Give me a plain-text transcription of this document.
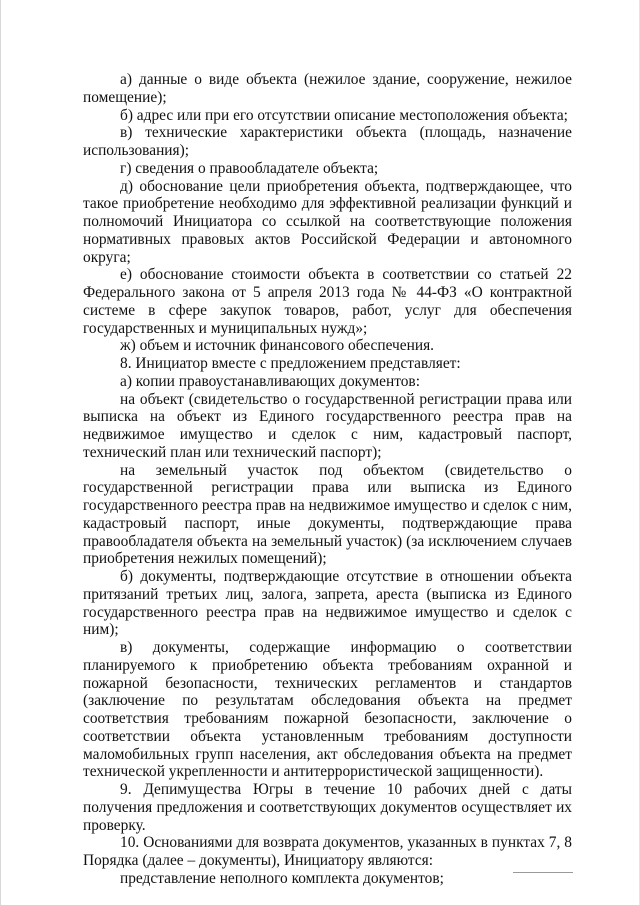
а) данные о виде объекта (нежилое здание, сооружение, нежилое помещение);

б) адрес или при его отсутствии описание местоположения объекта;

в) технические характеристики объекта (площадь, назначение использования);

г) сведения о правообладателе объекта;

д) обоснование цели приобретения объекта, подтверждающее, что такое приобретение необходимо для эффективной реализации функций и полномочий Инициатора со ссылкой на соответствующие положения нормативных правовых актов Российской Федерации и автономного округа;

е) обоснование стоимости объекта в соответствии со статьей 22 Федерального закона от 5 апреля 2013 года № 44-ФЗ «О контрактной системе в сфере закупок товаров, работ, услуг для обеспечения государственных и муниципальных нужд»;

ж) объем и источник финансового обеспечения.

8. Инициатор вместе с предложением представляет:

а) копии правоустанавливающих документов:

на объект (свидетельство о государственной регистрации права или выписка на объект из Единого государственного реестра прав на недвижимое имущество и сделок с ним, кадастровый паспорт, технический план или технический паспорт);

на земельный участок под объектом (свидетельство о государственной регистрации права или выписка из Единого государственного реестра прав на недвижимое имущество и сделок с ним, кадастровый паспорт, иные документы, подтверждающие права правообладателя объекта на земельный участок) (за исключением случаев приобретения нежилых помещений);

б) документы, подтверждающие отсутствие в отношении объекта притязаний третьих лиц, залога, запрета, ареста (выписка из Единого государственного реестра прав на недвижимое имущество и сделок с ним);

в) документы, содержащие информацию о соответствии планируемого к приобретению объекта требованиям охранной и пожарной безопасности, технических регламентов и стандартов (заключение по результатам обследования объекта на предмет соответствия требованиям пожарной безопасности, заключение о соответствии объекта установленным требованиям доступности маломобильных групп населения, акт обследования объекта на предмет технической укрепленности и антитеррористической защищенности).

9. Депимущества Югры в течение 10 рабочих дней с даты получения предложения и соответствующих документов осуществляет их проверку.

10. Основаниями для возврата документов, указанных в пунктах 7, 8 Порядка (далее – документы), Инициатору являются:

представление неполного комплекта документов;
